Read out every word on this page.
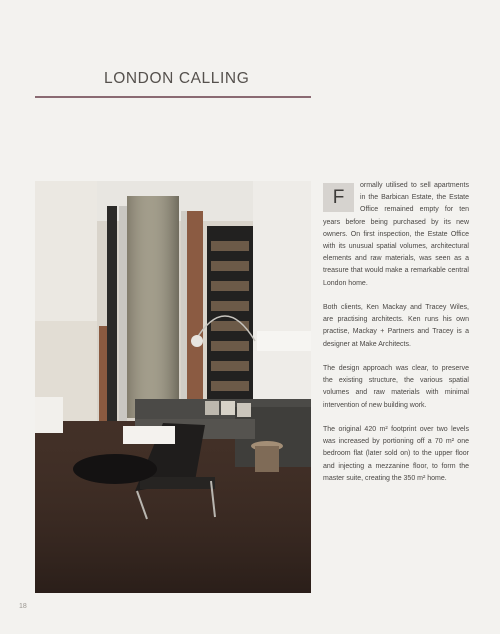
LONDON CALLING
F

ormally utilised to sell apartments in the Barbican Estate, the Estate Office remained empty for ten years before being purchased by its new owners. On first inspection, the Estate Office with its unusual spatial volumes, architectural elements and raw materials, was seen as a treasure that would make a remarkable central London home.

Both clients, Ken Mackay and Tracey Wiles, are practising architects. Ken runs his own practise, Mackay + Partners and Tracey is a designer at Make Architects.

The design approach was clear, to preserve the existing structure, the various spatial volumes and raw materials with minimal intervention of new building work.

The original 420 m² footprint over two levels was increased by portioning off a 70 m² one bedroom flat (later sold on) to the upper floor and injecting a mezzanine floor, to form the master suite, creating the 350 m² home.

18
